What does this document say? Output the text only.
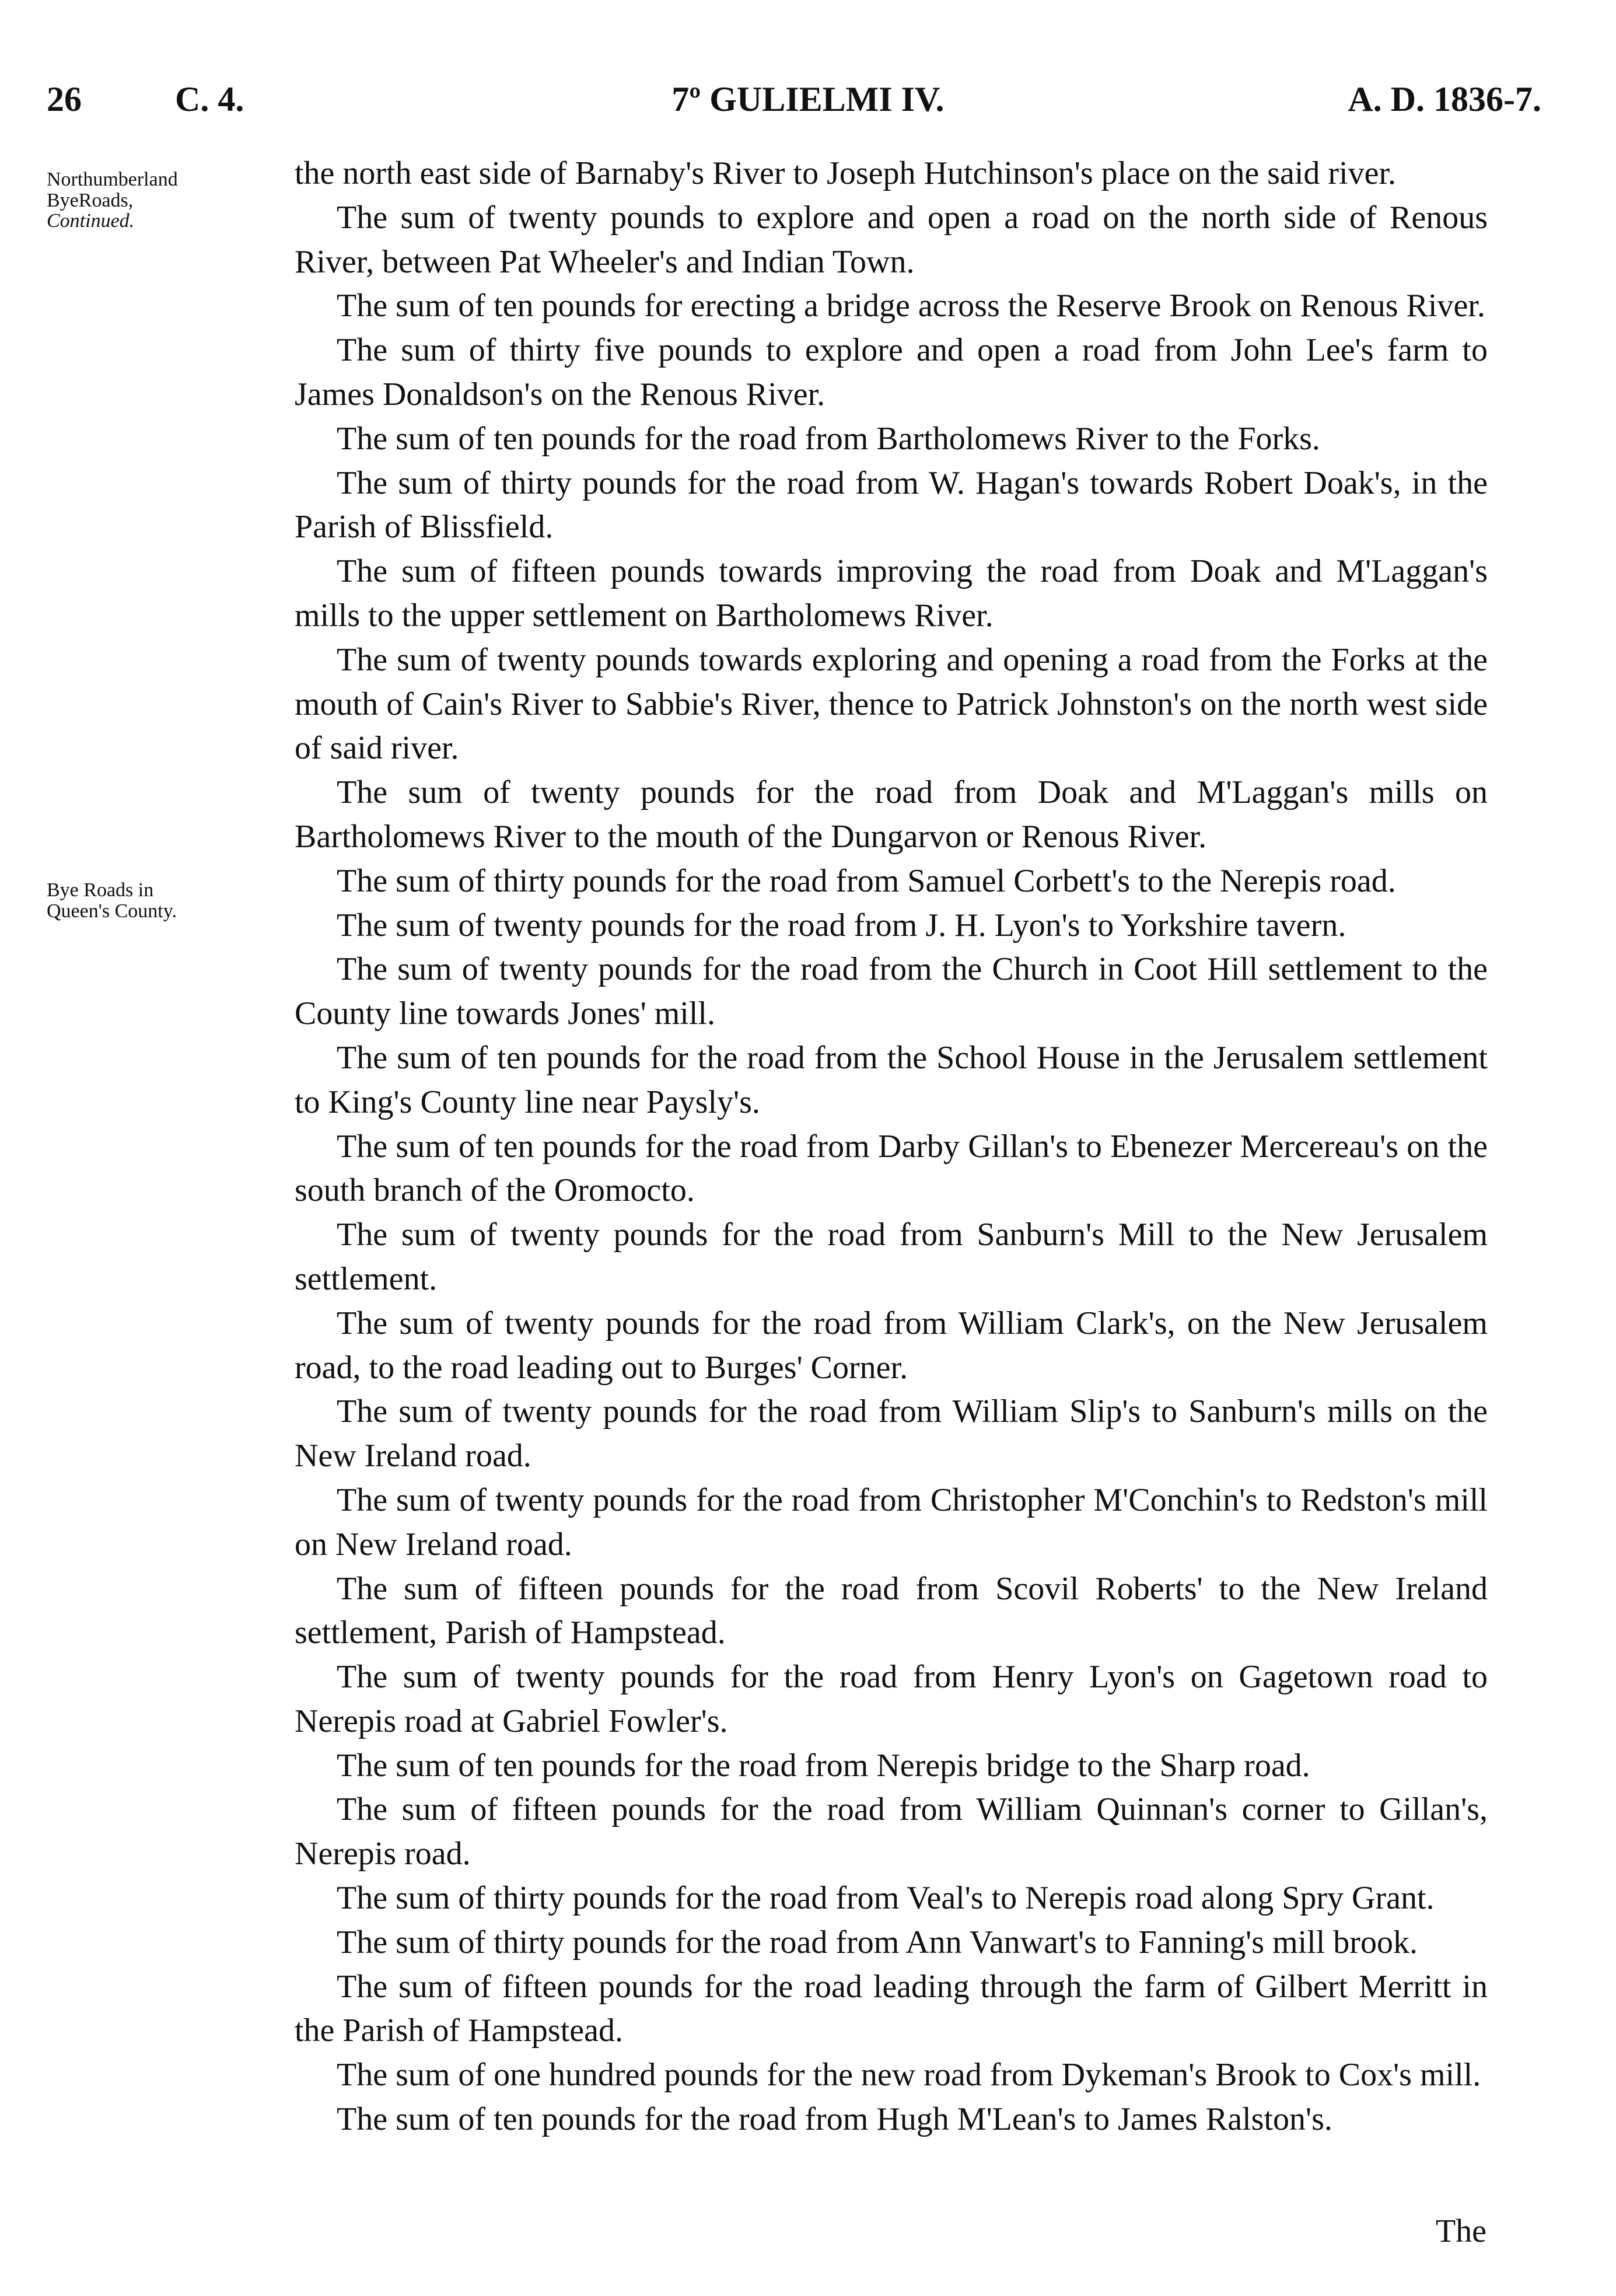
26	C. 4.	7º GULIELMI IV.	A. D. 1836-7.
Northumberland
ByeRoads,
Continued.
Bye Roads in
Queen's County.

the north east side of Barnaby's River to Joseph Hutchinson's place on the said river.

The sum of twenty pounds to explore and open a road on the north side of Renous River, between Pat Wheeler's and Indian Town.

The sum of ten pounds for erecting a bridge across the Reserve Brook on Renous River.

The sum of thirty five pounds to explore and open a road from John Lee's farm to James Donaldson's on the Renous River.

The sum of ten pounds for the road from Bartholomews River to the Forks.

The sum of thirty pounds for the road from W. Hagan's towards Robert Doak's, in the Parish of Blissfield.

The sum of fifteen pounds towards improving the road from Doak and M'Laggan's mills to the upper settlement on Bartholomews River.

The sum of twenty pounds towards exploring and opening a road from the Forks at the mouth of Cain's River to Sabbie's River, thence to Patrick Johnston's on the north west side of said river.

The sum of twenty pounds for the road from Doak and M'Laggan's mills on Bartholomews River to the mouth of the Dungarvon or Renous River.

The sum of thirty pounds for the road from Samuel Corbett's to the Nerepis road.

The sum of twenty pounds for the road from J. H. Lyon's to Yorkshire tavern.

The sum of twenty pounds for the road from the Church in Coot Hill settlement to the County line towards Jones' mill.

The sum of ten pounds for the road from the School House in the Jerusalem settlement to King's County line near Paysly's.

The sum of ten pounds for the road from Darby Gillan's to Ebenezer Mercereau's on the south branch of the Oromocto.

The sum of twenty pounds for the road from Sanburn's Mill to the New Jerusalem settlement.

The sum of twenty pounds for the road from William Clark's, on the New Jerusalem road, to the road leading out to Burges' Corner.

The sum of twenty pounds for the road from William Slip's to Sanburn's mills on the New Ireland road.

The sum of twenty pounds for the road from Christopher M'Conchin's to Redston's mill on New Ireland road.

The sum of fifteen pounds for the road from Scovil Roberts' to the New Ireland settlement, Parish of Hampstead.

The sum of twenty pounds for the road from Henry Lyon's on Gagetown road to Nerepis road at Gabriel Fowler's.

The sum of ten pounds for the road from Nerepis bridge to the Sharp road.

The sum of fifteen pounds for the road from William Quinnan's corner to Gillan's, Nerepis road.

The sum of thirty pounds for the road from Veal's to Nerepis road along Spry Grant.

The sum of thirty pounds for the road from Ann Vanwart's to Fanning's mill brook.

The sum of fifteen pounds for the road leading through the farm of Gilbert Merritt in the Parish of Hampstead.

The sum of one hundred pounds for the new road from Dykeman's Brook to Cox's mill.

The sum of ten pounds for the road from Hugh M'Lean's to James Ralston's.

The
